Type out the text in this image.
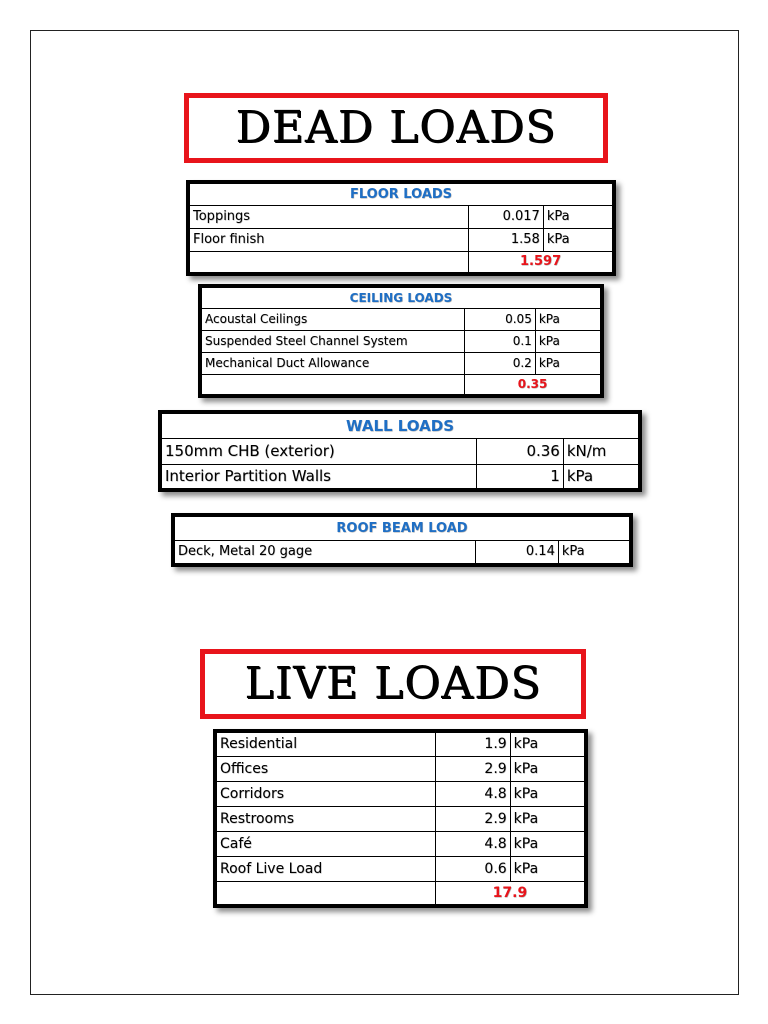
DEAD LOADS
FLOOR LOADS		
Toppings	0.017	kPa
Floor finish	1.58	kPa
	1.597	
CEILING LOADS		
Acoustal Ceilings	0.05	kPa
Suspended Steel Channel System	0.1	kPa
Mechanical Duct Allowance	0.2	kPa
	0.35	
WALL LOADS		
150mm CHB (exterior)	0.36	kN/m
Interior Partition Walls	1	kPa
ROOF BEAM LOAD
Deck, Metal 20 gage	0.14	kPa
LIVE LOADS
Residential	1.9	kPa
Offices	2.9	kPa
Corridors	4.8	kPa
Restrooms	2.9	kPa
Café	4.8	kPa
Roof Live Load	0.6	kPa
	17.9	
